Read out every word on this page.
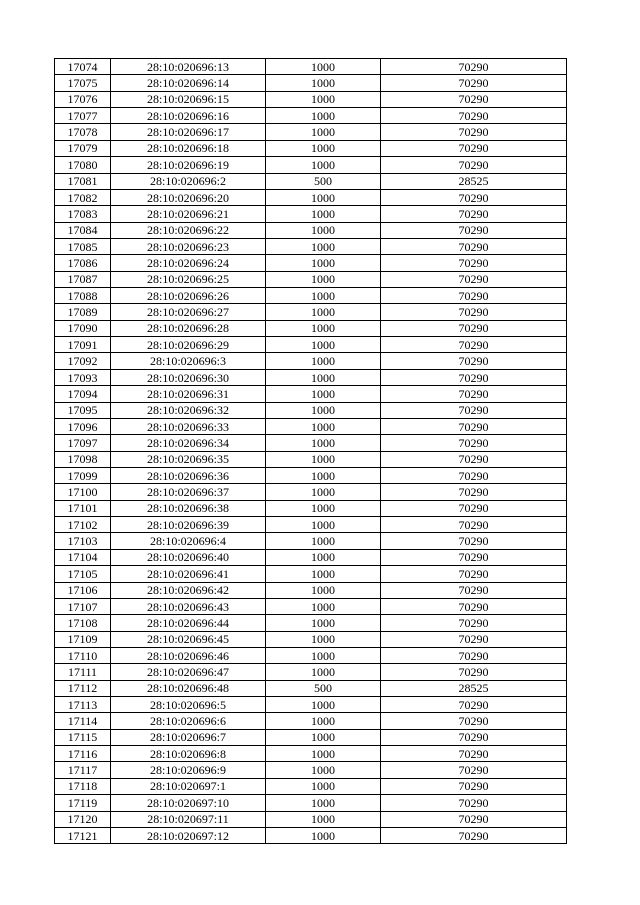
17074	28:10:020696:13	1000	70290
17075	28:10:020696:14	1000	70290
17076	28:10:020696:15	1000	70290
17077	28:10:020696:16	1000	70290
17078	28:10:020696:17	1000	70290
17079	28:10:020696:18	1000	70290
17080	28:10:020696:19	1000	70290
17081	28:10:020696:2	500	28525
17082	28:10:020696:20	1000	70290
17083	28:10:020696:21	1000	70290
17084	28:10:020696:22	1000	70290
17085	28:10:020696:23	1000	70290
17086	28:10:020696:24	1000	70290
17087	28:10:020696:25	1000	70290
17088	28:10:020696:26	1000	70290
17089	28:10:020696:27	1000	70290
17090	28:10:020696:28	1000	70290
17091	28:10:020696:29	1000	70290
17092	28:10:020696:3	1000	70290
17093	28:10:020696:30	1000	70290
17094	28:10:020696:31	1000	70290
17095	28:10:020696:32	1000	70290
17096	28:10:020696:33	1000	70290
17097	28:10:020696:34	1000	70290
17098	28:10:020696:35	1000	70290
17099	28:10:020696:36	1000	70290
17100	28:10:020696:37	1000	70290
17101	28:10:020696:38	1000	70290
17102	28:10:020696:39	1000	70290
17103	28:10:020696:4	1000	70290
17104	28:10:020696:40	1000	70290
17105	28:10:020696:41	1000	70290
17106	28:10:020696:42	1000	70290
17107	28:10:020696:43	1000	70290
17108	28:10:020696:44	1000	70290
17109	28:10:020696:45	1000	70290
17110	28:10:020696:46	1000	70290
17111	28:10:020696:47	1000	70290
17112	28:10:020696:48	500	28525
17113	28:10:020696:5	1000	70290
17114	28:10:020696:6	1000	70290
17115	28:10:020696:7	1000	70290
17116	28:10:020696:8	1000	70290
17117	28:10:020696:9	1000	70290
17118	28:10:020697:1	1000	70290
17119	28:10:020697:10	1000	70290
17120	28:10:020697:11	1000	70290
17121	28:10:020697:12	1000	70290
